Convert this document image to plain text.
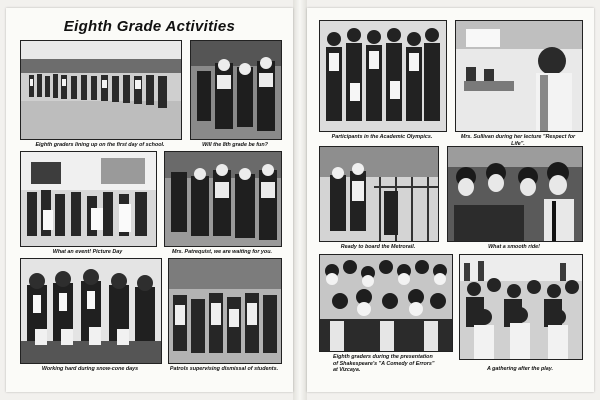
Eighth Grade Activities
Eighth graders lining up on the first day of school.	Will the 8th grade be fun?
What an event! Picture Day	Mrs. Patrequist, we are waiting for you.
Working hard during snow-cone days	Patrols supervising dismissal of students.
Participants in the Academic Olympics.	Mrs. Sullivan during her lecture "Respect for Life".
Ready to board the Metrorail.	What a smooth ride!
Eighth graders during the presentation of Shakespeare's "A Comedy of Errors" at Vizcaya.	A gathering after the play.
